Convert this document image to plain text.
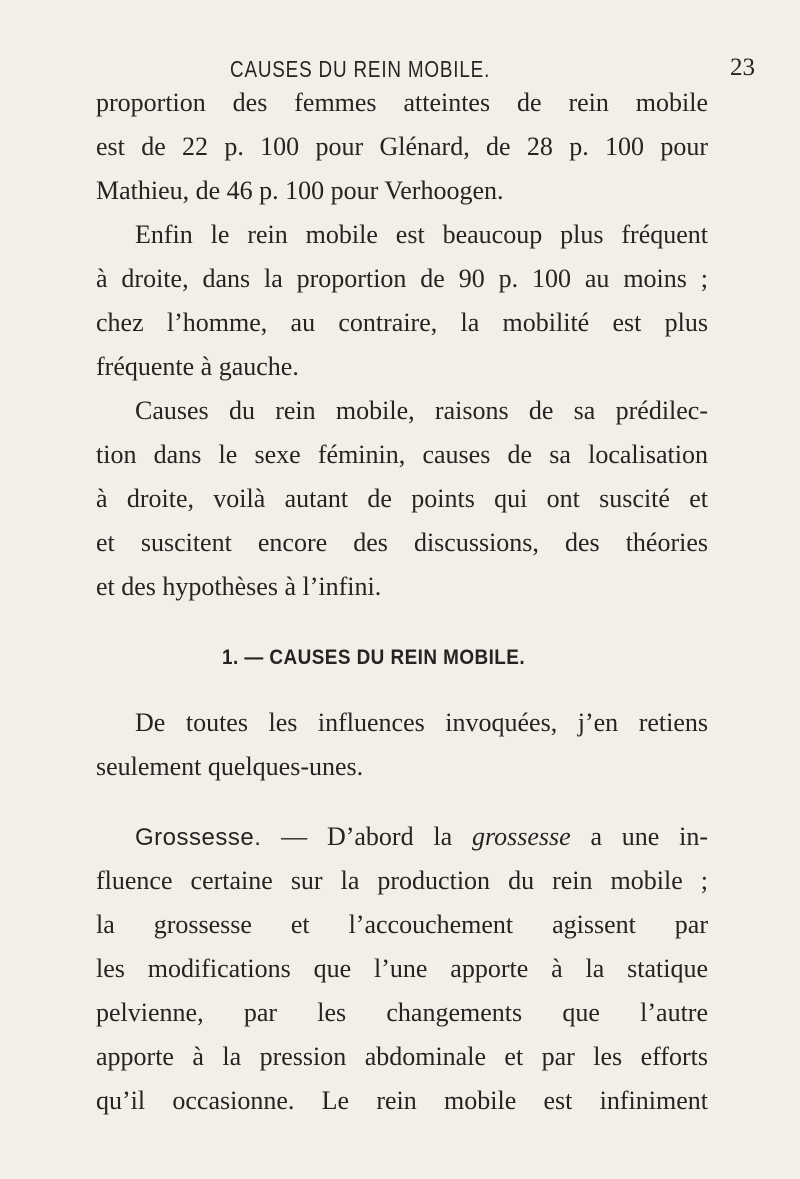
CAUSES DU REIN MOBILE.	23
proportion des femmes atteintes de rein mobile
est de 22 p. 100 pour Glénard, de 28 p. 100 pour
Mathieu, de 46 p. 100 pour Verhoogen.
Enfin le rein mobile est beaucoup plus fréquent
à droite, dans la proportion de 90 p. 100 au moins ;
chez l’homme, au contraire, la mobilité est plus
fréquente à gauche.
Causes du rein mobile, raisons de sa prédilec-
tion dans le sexe féminin, causes de sa localisation
à droite, voilà autant de points qui ont suscité et
et suscitent encore des discussions, des théories
et des hypothèses à l’infini.
1. — CAUSES DU REIN MOBILE.
De toutes les influences invoquées, j’en retiens
seulement quelques-unes.
Grossesse. — D’abord la grossesse a une in-
fluence certaine sur la production du rein mobile ;
la grossesse et l’accouchement agissent par
les modifications que l’une apporte à la statique
pelvienne, par les changements que l’autre
apporte à la pression abdominale et par les efforts
qu’il occasionne. Le rein mobile est infiniment
